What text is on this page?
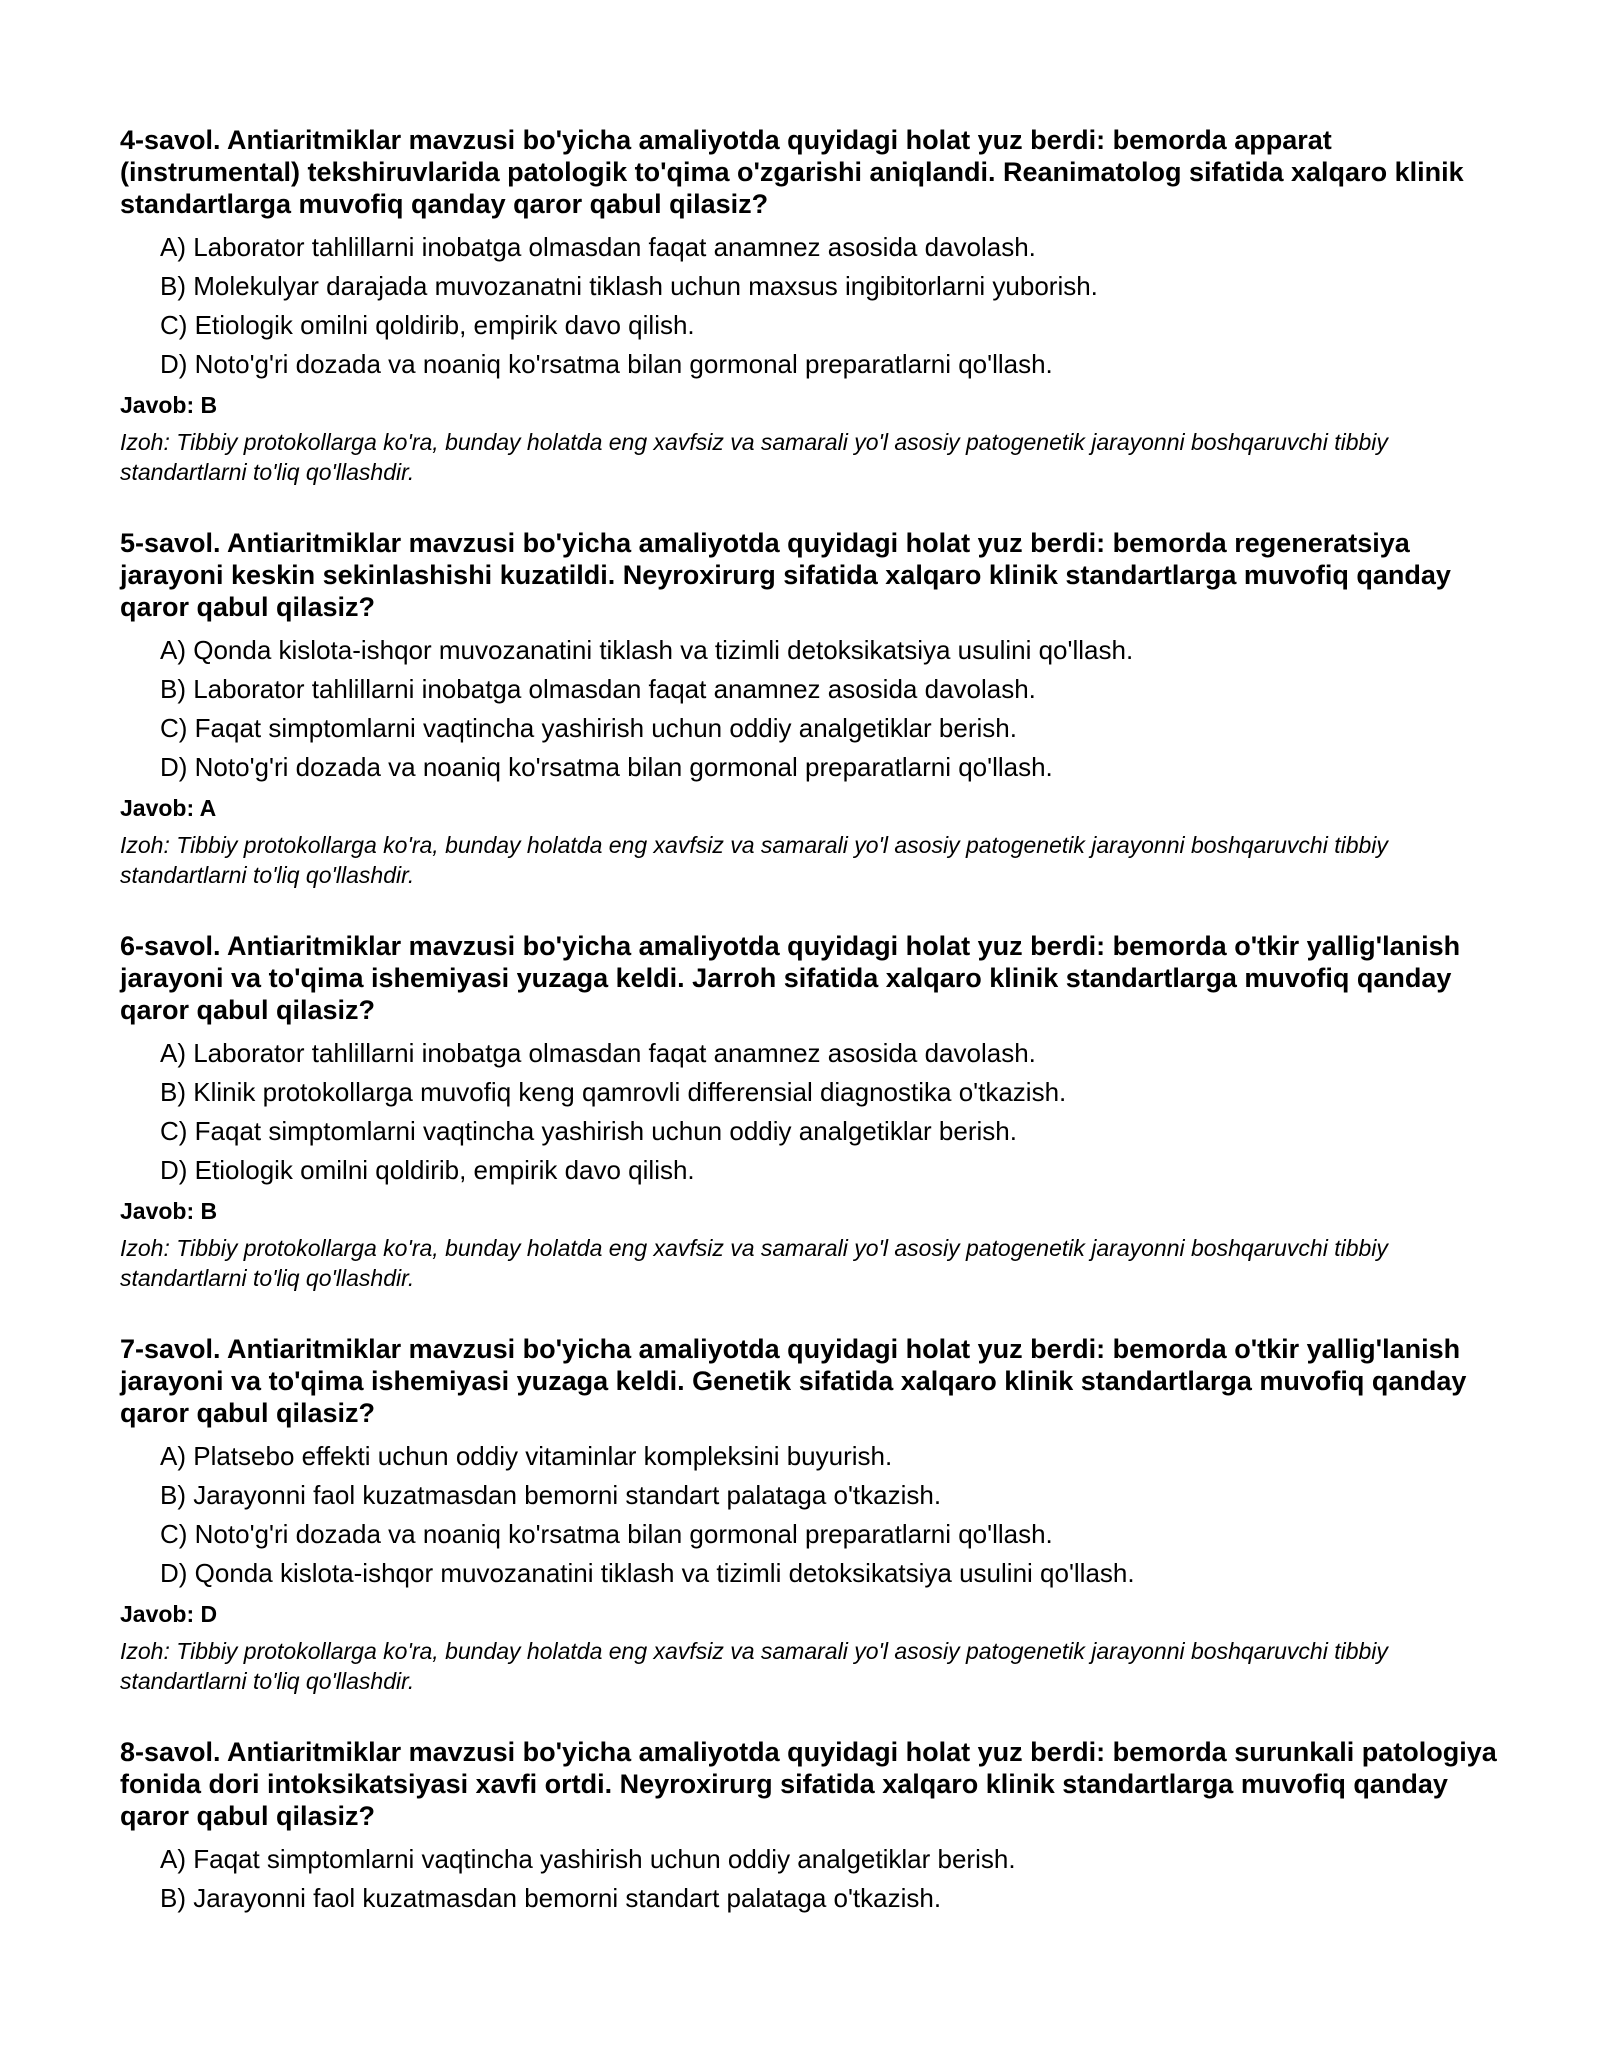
4-savol. Antiaritmiklar mavzusi bo'yicha amaliyotda quyidagi holat yuz berdi: bemorda apparat (instrumental) tekshiruvlarida patologik to'qima o'zgarishi aniqlandi. Reanimatolog sifatida xalqaro klinik standartlarga muvofiq qanday qaror qabul qilasiz?
A) Laborator tahlillarni inobatga olmasdan faqat anamnez asosida davolash.
B) Molekulyar darajada muvozanatni tiklash uchun maxsus ingibitorlarni yuborish.
C) Etiologik omilni qoldirib, empirik davo qilish.
D) Noto'g'ri dozada va noaniq ko'rsatma bilan gormonal preparatlarni qo'llash.

Javob: B

Izoh: Tibbiy protokollarga ko'ra, bunday holatda eng xavfsiz va samarali yo'l asosiy patogenetik jarayonni boshqaruvchi tibbiy standartlarni to'liq qo'llashdir.

5-savol. Antiaritmiklar mavzusi bo'yicha amaliyotda quyidagi holat yuz berdi: bemorda regeneratsiya jarayoni keskin sekinlashishi kuzatildi. Neyroxirurg sifatida xalqaro klinik standartlarga muvofiq qanday qaror qabul qilasiz?
A) Qonda kislota-ishqor muvozanatini tiklash va tizimli detoksikatsiya usulini qo'llash.
B) Laborator tahlillarni inobatga olmasdan faqat anamnez asosida davolash.
C) Faqat simptomlarni vaqtincha yashirish uchun oddiy analgetiklar berish.
D) Noto'g'ri dozada va noaniq ko'rsatma bilan gormonal preparatlarni qo'llash.

Javob: A

Izoh: Tibbiy protokollarga ko'ra, bunday holatda eng xavfsiz va samarali yo'l asosiy patogenetik jarayonni boshqaruvchi tibbiy standartlarni to'liq qo'llashdir.

6-savol. Antiaritmiklar mavzusi bo'yicha amaliyotda quyidagi holat yuz berdi: bemorda o'tkir yallig'lanish jarayoni va to'qima ishemiyasi yuzaga keldi. Jarroh sifatida xalqaro klinik standartlarga muvofiq qanday qaror qabul qilasiz?
A) Laborator tahlillarni inobatga olmasdan faqat anamnez asosida davolash.
B) Klinik protokollarga muvofiq keng qamrovli differensial diagnostika o'tkazish.
C) Faqat simptomlarni vaqtincha yashirish uchun oddiy analgetiklar berish.
D) Etiologik omilni qoldirib, empirik davo qilish.

Javob: B

Izoh: Tibbiy protokollarga ko'ra, bunday holatda eng xavfsiz va samarali yo'l asosiy patogenetik jarayonni boshqaruvchi tibbiy standartlarni to'liq qo'llashdir.

7-savol. Antiaritmiklar mavzusi bo'yicha amaliyotda quyidagi holat yuz berdi: bemorda o'tkir yallig'lanish jarayoni va to'qima ishemiyasi yuzaga keldi. Genetik sifatida xalqaro klinik standartlarga muvofiq qanday qaror qabul qilasiz?
A) Platsebo effekti uchun oddiy vitaminlar kompleksini buyurish.
B) Jarayonni faol kuzatmasdan bemorni standart palataga o'tkazish.
C) Noto'g'ri dozada va noaniq ko'rsatma bilan gormonal preparatlarni qo'llash.
D) Qonda kislota-ishqor muvozanatini tiklash va tizimli detoksikatsiya usulini qo'llash.

Javob: D

Izoh: Tibbiy protokollarga ko'ra, bunday holatda eng xavfsiz va samarali yo'l asosiy patogenetik jarayonni boshqaruvchi tibbiy standartlarni to'liq qo'llashdir.

8-savol. Antiaritmiklar mavzusi bo'yicha amaliyotda quyidagi holat yuz berdi: bemorda surunkali patologiya fonida dori intoksikatsiyasi xavfi ortdi. Neyroxirurg sifatida xalqaro klinik standartlarga muvofiq qanday qaror qabul qilasiz?
A) Faqat simptomlarni vaqtincha yashirish uchun oddiy analgetiklar berish.
B) Jarayonni faol kuzatmasdan bemorni standart palataga o'tkazish.
